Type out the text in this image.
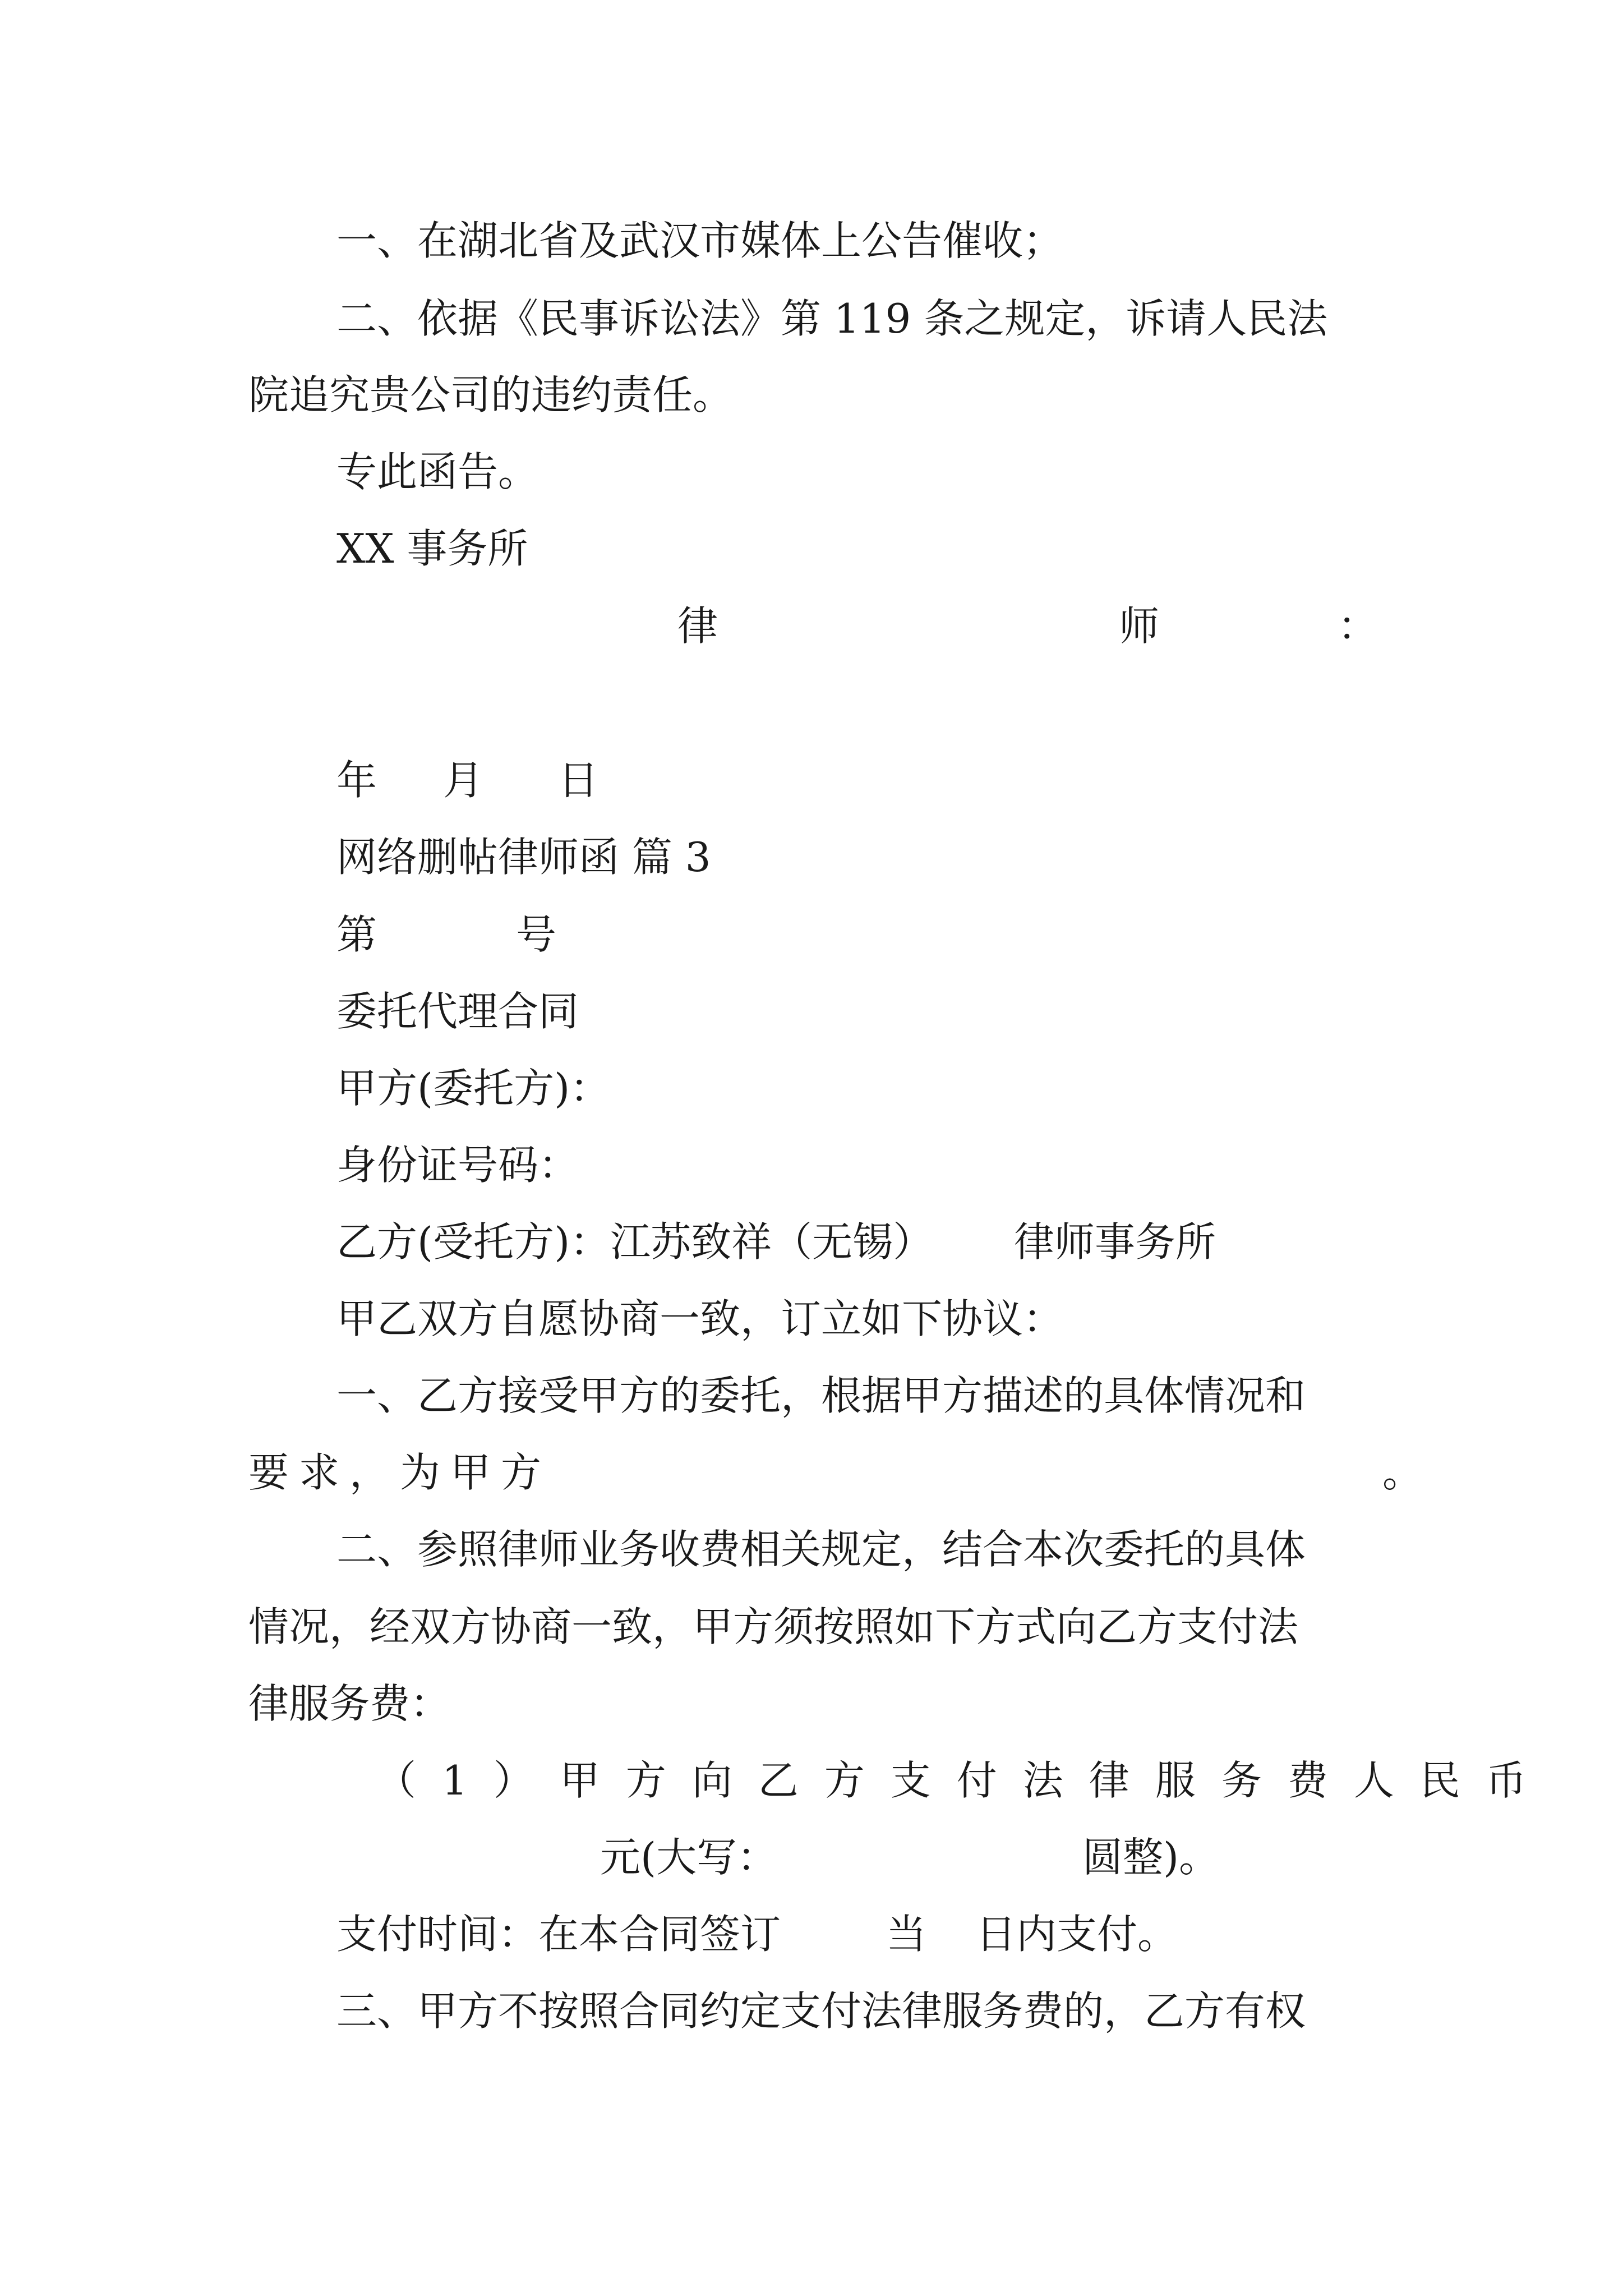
一、在湖北省及武汉市媒体上公告催收；

二、依据《民事诉讼法》第 119 条之规定，诉请人民法

院追究贵公司的违约责任。

专此函告。

XX 事务所

律	师	：
年 月 日

网络删帖律师函 篇 3

第	号

委托代理合同

甲方(委托方)：

身份证号码：

乙方(受托方)：江苏致祥（无锡） 律师事务所

甲乙双方自愿协商一致，订立如下协议：

一、乙方接受甲方的委托，根据甲方描述的具体情况和

要求，为甲方	。

二、参照律师业务收费相关规定，结合本次委托的具体

情况，经双方协商一致，甲方须按照如下方式向乙方支付法

律服务费：

（1）甲方向乙方支付法律服务费人民币
元(大写：	圆整)。
支付时间：在本合同签订	当 日内支付。

三、甲方不按照合同约定支付法律服务费的，乙方有权
